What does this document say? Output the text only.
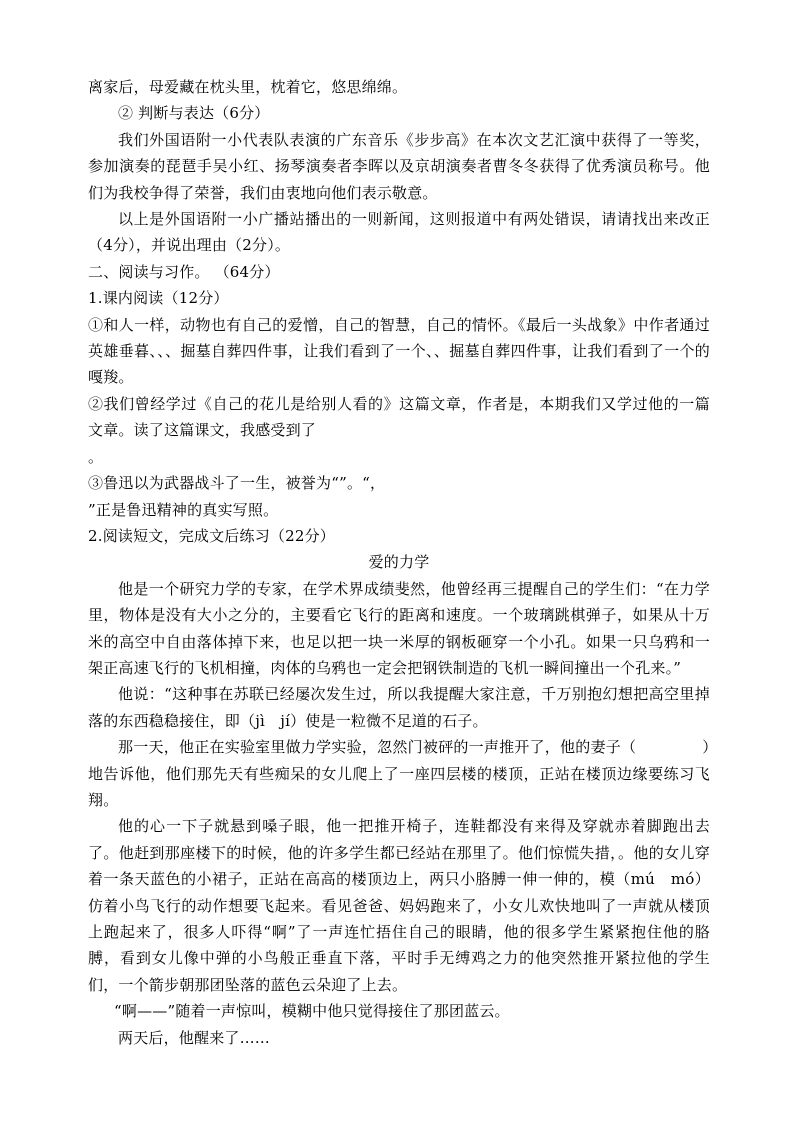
离家后，母爱藏在枕头里，枕着它，悠思绵绵。

② 判断与表达（6分）

我们外国语附一小代表队表演的广东音乐《步步高》在本次文艺汇演中获得了一等奖，参加演奏的琵琶手吴小红、扬琴演奏者李晖以及京胡演奏者曹冬冬获得了优秀演员称号。他们为我校争得了荣誉，我们由衷地向他们表示敬意。

以上是外国语附一小广播站播出的一则新闻，这则报道中有两处错误，请请找出来改正（4分），并说出理由（2分）。

二、阅读与习作。 （64分）

1.课内阅读（12分）

①和人一样，动物也有自己的爱憎，自己的智慧，自己的情怀。《最后一头战象》中作者通过英雄垂暮、、、掘墓自葬四件事，让我们看到了一个、、掘墓自葬四件事，让我们看到了一个的嘎羧。

②我们曾经学过《自己的花儿是给别人看的》这篇文章，作者是，本期我们又学过他的一篇文章。读了这篇课文，我感受到了

。

③鲁迅以为武器战斗了一生，被誉为“”。“，

”正是鲁迅精神的真实写照。

2.阅读短文，完成文后练习（22分）

爱的力学

他是一个研究力学的专家，在学术界成绩斐然，他曾经再三提醒自己的学生们：“在力学里，物体是没有大小之分的，主要看它飞行的距离和速度。一个玻璃跳棋弹子，如果从十万米的高空中自由落体掉下来，也足以把一块一米厚的钢板砸穿一个小孔。如果一只乌鸦和一架正高速飞行的飞机相撞，肉体的乌鸦也一定会把钢铁制造的飞机一瞬间撞出一个孔来。”

他说：“这种事在苏联已经屡次发生过，所以我提醒大家注意，千万别抱幻想把高空里掉落的东西稳稳接住，即（jì　jí）使是一粒微不足道的石子。

那一天，他正在实验室里做力学实验，忽然门被砰的一声推开了，他的妻子（	）地告诉他，他们那先天有些痴呆的女儿爬上了一座四层楼的楼顶，正站在楼顶边缘要练习飞翔。

他的心一下子就悬到嗓子眼，他一把推开椅子，连鞋都没有来得及穿就赤着脚跑出去了。他赶到那座楼下的时候，他的许多学生都已经站在那里了。他们惊慌失措，。他的女儿穿着一条天蓝色的小裙子，正站在高高的楼顶边上，两只小胳膊一伸一伸的，模（mú　mó）仿着小鸟飞行的动作想要飞起来。看见爸爸、妈妈跑来了，小女儿欢快地叫了一声就从楼顶上跑起来了，很多人吓得“啊”了一声连忙捂住自己的眼睛，他的很多学生紧紧抱住他的胳膊，看到女儿像中弹的小鸟般正垂直下落，平时手无缚鸡之力的他突然推开紧拉他的学生们，一个箭步朝那团坠落的蓝色云朵迎了上去。

“啊——”随着一声惊叫，模糊中他只觉得接住了那团蓝云。

两天后，他醒来了……
